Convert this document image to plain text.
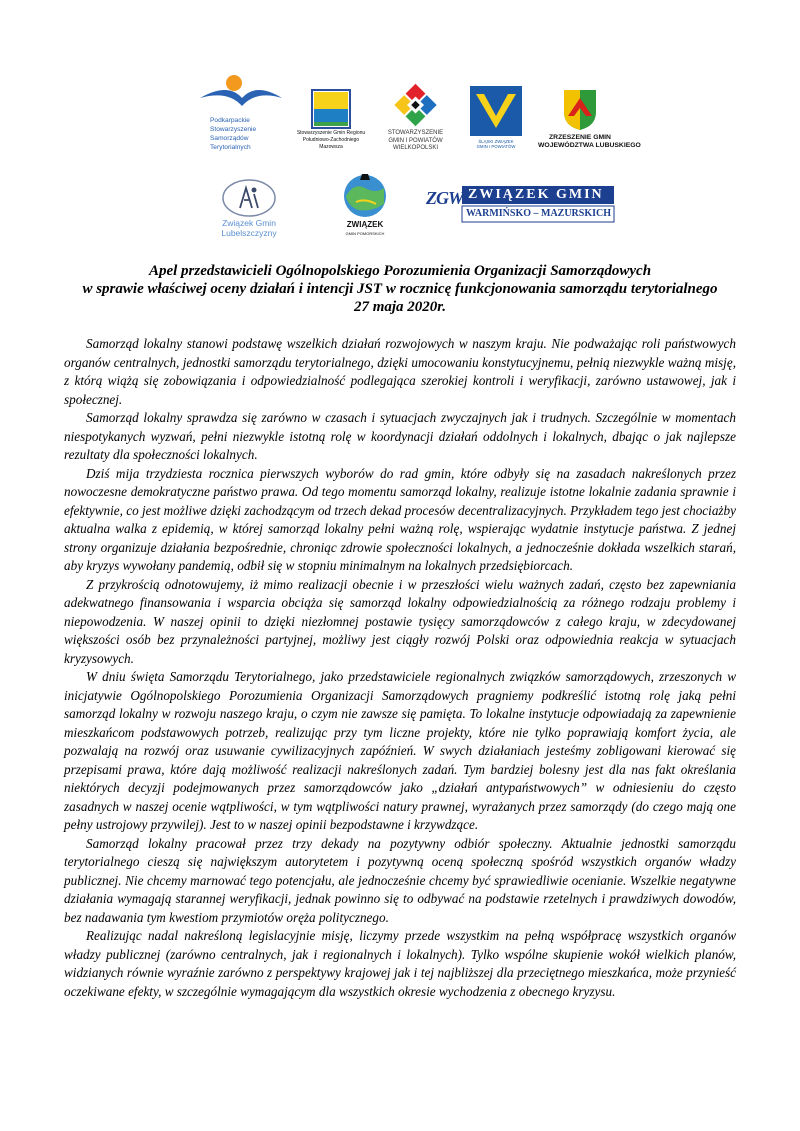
Podkarpackie
Stowarzyszenie
Samorządów
Terytorialnych
Stowarzyszenie Gmin Regionu
Południowo-Zachodniego
Mazowsza
STOWARZYSZENIE
GMIN I POWIATÓW
WIELKOPOLSKI
ŚLĄSKI ZWIĄZEK
GMIN I POWIATÓW
ZRZESZENIE GMIN
WOJEWÓDZTWA LUBUSKIEGO
Związek Gmin
Lubelszczyzny
ZWIĄZEK
GMIN POMORSKICH
ZGWM
ZWIĄZEK GMIN
WARMIŃSKO – MAZURSKICH
Apel przedstawicieli Ogólnopolskiego Porozumienia Organizacji Samorządowych
w sprawie właściwej oceny działań i intencji JST w rocznicę funkcjonowania samorządu terytorialnego
27 maja 2020r.

Samorząd lokalny stanowi podstawę wszelkich działań rozwojowych w naszym kraju. Nie podważając roli państwowych organów centralnych, jednostki samorządu terytorialnego, dzięki umocowaniu konstytucyjnemu, pełnią niezwykle ważną misję, z którą wiążą się zobowiązania i odpowiedzialność podlegająca szerokiej kontroli i weryfikacji, zarówno ustawowej, jak i społecznej.

Samorząd lokalny sprawdza się zarówno w czasach i sytuacjach zwyczajnych jak i trudnych. Szczególnie w momentach niespotykanych wyzwań, pełni niezwykle istotną rolę w koordynacji działań oddolnych i lokalnych, dbając o jak najlepsze rezultaty dla społeczności lokalnych.

Dziś mija trzydziesta rocznica pierwszych wyborów do rad gmin, które odbyły się na zasadach nakreślonych przez nowoczesne demokratyczne państwo prawa. Od tego momentu samorząd lokalny, realizuje istotne lokalnie zadania sprawnie i efektywnie, co jest możliwe dzięki zachodzącym od trzech dekad procesów decentralizacyjnych. Przykładem tego jest chociażby aktualna walka z epidemią, w której samorząd lokalny pełni ważną rolę, wspierając wydatnie instytucje państwa. Z jednej strony organizuje działania bezpośrednie, chroniąc zdrowie społeczności lokalnych, a jednocześnie dokłada wszelkich starań, aby kryzys wywołany pandemią, odbił się w stopniu minimalnym na lokalnych przedsiębiorcach.

Z przykrością odnotowujemy, iż mimo realizacji obecnie i w przeszłości wielu ważnych zadań, często bez zapewniania adekwatnego finansowania i wsparcia obciąża się samorząd lokalny odpowiedzialnością za różnego rodzaju problemy i niepowodzenia. W naszej opinii to dzięki niezłomnej postawie tysięcy samorządowców z całego kraju, w zdecydowanej większości osób bez przynależności partyjnej, możliwy jest ciągły rozwój Polski oraz odpowiednia reakcja w sytuacjach kryzysowych.

W dniu święta Samorządu Terytorialnego, jako przedstawiciele regionalnych związków samorządowych, zrzeszonych w inicjatywie Ogólnopolskiego Porozumienia Organizacji Samorządowych pragniemy podkreślić istotną rolę jaką pełni samorząd lokalny w rozwoju naszego kraju, o czym nie zawsze się pamięta. To lokalne instytucje odpowiadają za zapewnienie mieszkańcom podstawowych potrzeb, realizując przy tym liczne projekty, które nie tylko poprawiają komfort życia, ale pozwalają na rozwój oraz usuwanie cywilizacyjnych zapóźnień. W swych działaniach jesteśmy zobligowani kierować się przepisami prawa, które dają możliwość realizacji nakreślonych zadań. Tym bardziej bolesny jest dla nas fakt określania niektórych decyzji podejmowanych przez samorządowców jako „działań antypaństwowych” w odniesieniu do często zasadnych w naszej ocenie wątpliwości, w tym wątpliwości natury prawnej, wyrażanych przez samorządy (do czego mają one pełny ustrojowy przywilej). Jest to w naszej opinii bezpodstawne i krzywdzące.

Samorząd lokalny pracował przez trzy dekady na pozytywny odbiór społeczny. Aktualnie jednostki samorządu terytorialnego cieszą się największym autorytetem i pozytywną oceną społeczną spośród wszystkich organów władzy publicznej. Nie chcemy marnować tego potencjału, ale jednocześnie chcemy być sprawiedliwie ocenianie. Wszelkie negatywne działania wymagają starannej weryfikacji, jednak powinno się to odbywać na podstawie rzetelnych i prawdziwych dowodów, bez nadawania tym kwestiom przymiotów oręża politycznego.

Realizując nadal nakreśloną legislacyjnie misję, liczymy przede wszystkim na pełną współpracę wszystkich organów władzy publicznej (zarówno centralnych, jak i regionalnych i lokalnych). Tylko wspólne skupienie wokół wielkich planów, widzianych równie wyraźnie zarówno z perspektywy krajowej jak i tej najbliższej dla przeciętnego mieszkańca, może przynieść oczekiwane efekty, w szczególnie wymagającym dla wszystkich okresie wychodzenia z obecnego kryzysu.
